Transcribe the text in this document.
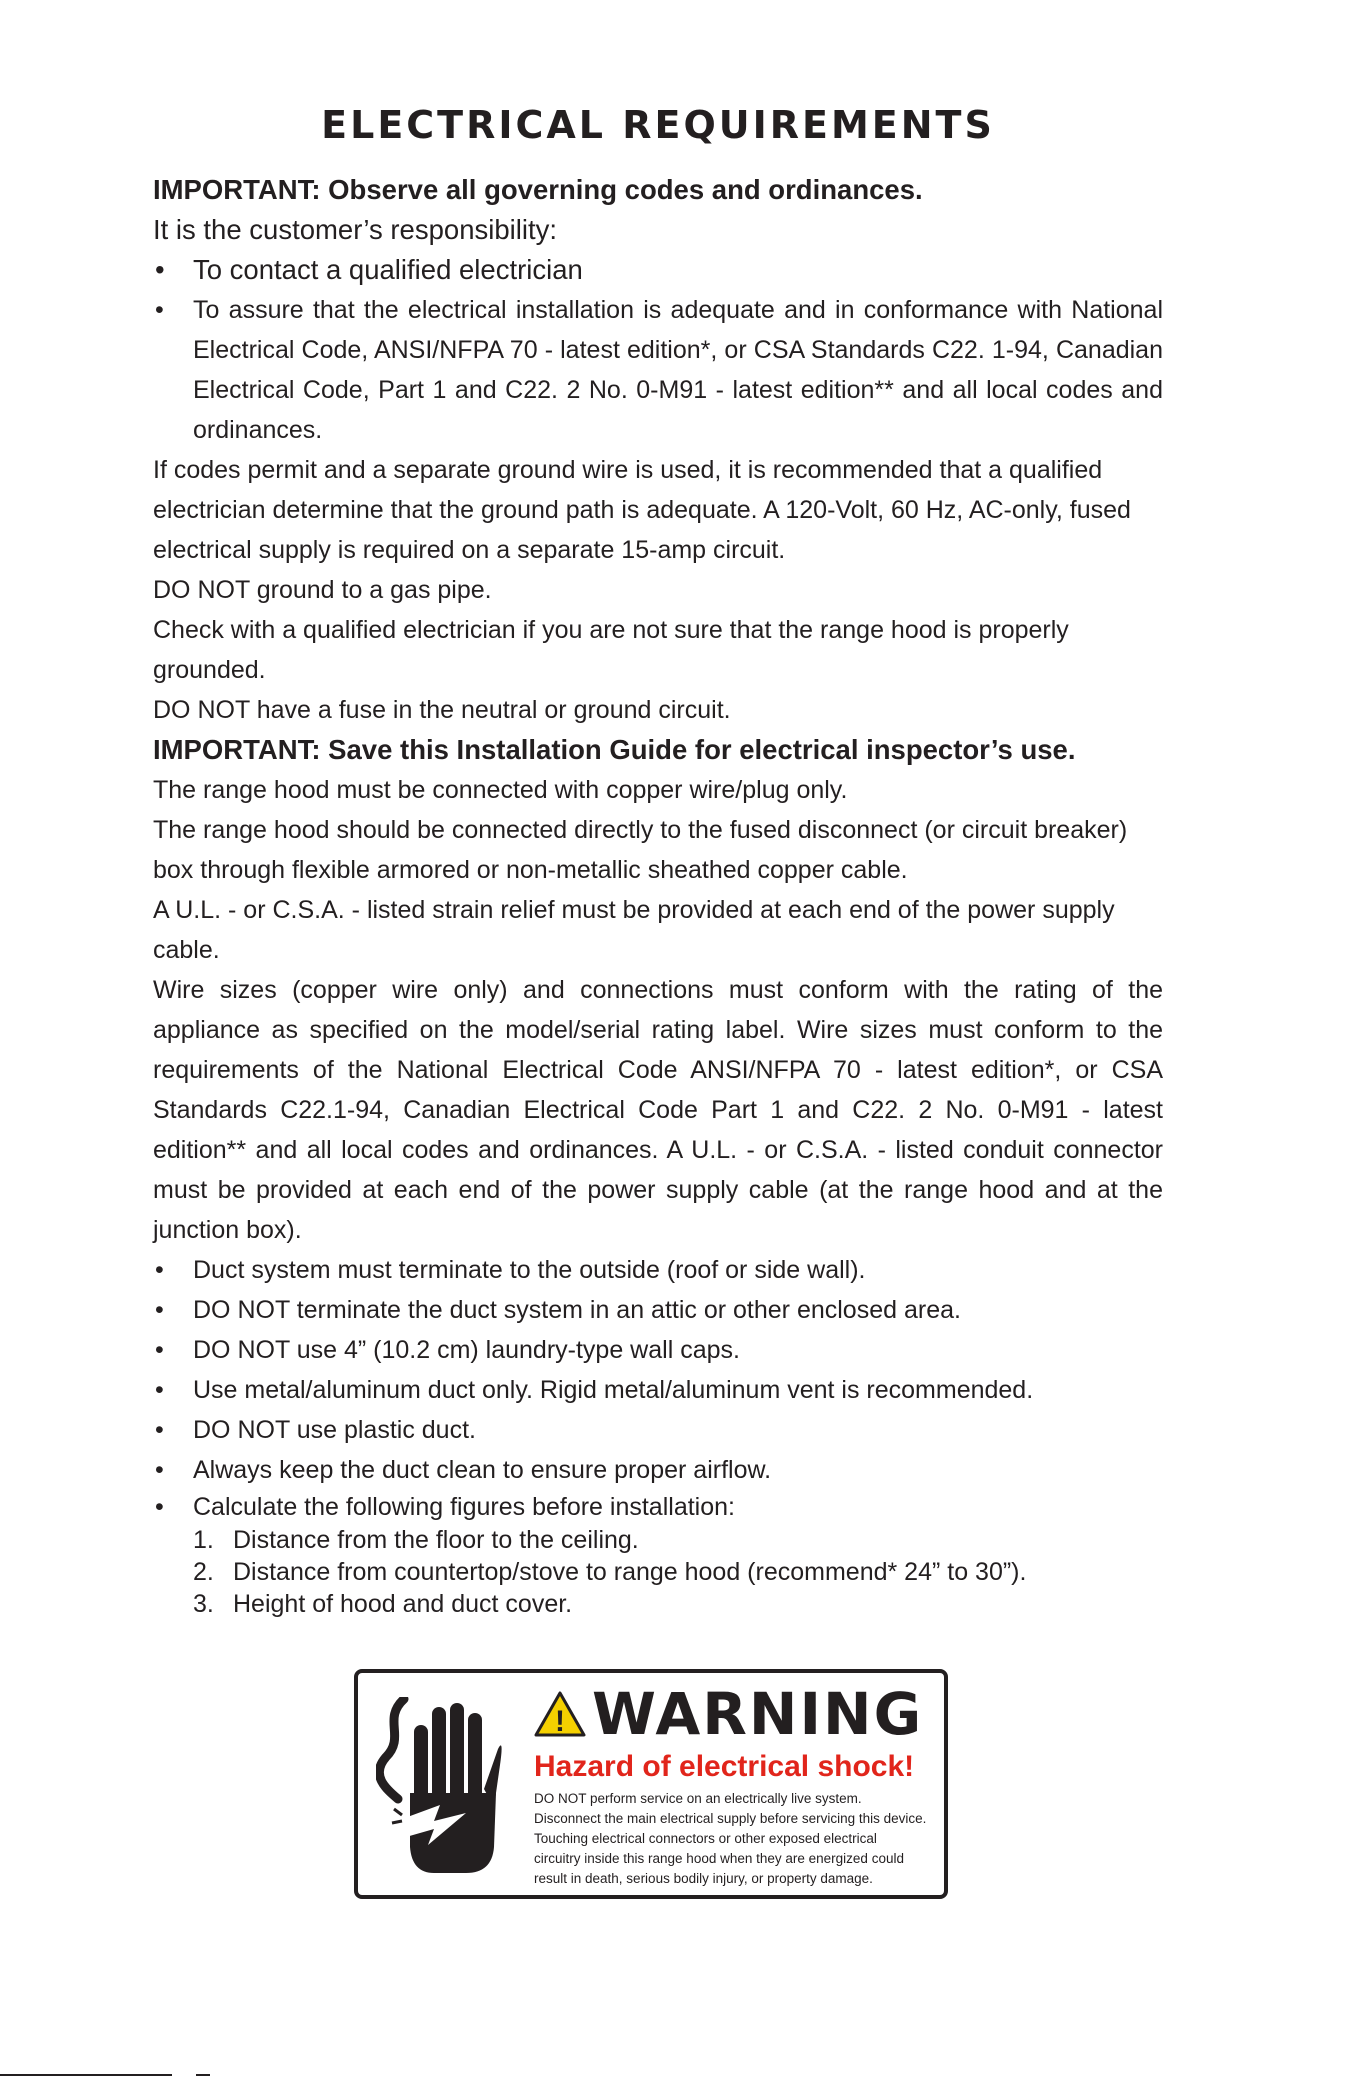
ELECTRICAL REQUIREMENTS

IMPORTANT: Observe all governing codes and ordinances.

It is the customer’s responsibility:

• To contact a qualified electrician
• To assure that the electrical installation is adequate and in conformance with National Electrical Code, ANSI/NFPA 70 - latest edition*, or CSA Standards C22. 1-94, Canadian Electrical Code, Part 1 and C22. 2 No. 0-M91 - latest edition** and all local codes and ordinances.

If codes permit and a separate ground wire is used, it is recommended that a qualified electrician determine that the ground path is adequate. A 120-Volt, 60 Hz, AC-only, fused electrical supply is required on a separate 15-amp circuit.

DO NOT ground to a gas pipe.

Check with a qualified electrician if you are not sure that the range hood is properly grounded.

DO NOT have a fuse in the neutral or ground circuit.

IMPORTANT: Save this Installation Guide for electrical inspector’s use.

The range hood must be connected with copper wire/plug only.

The range hood should be connected directly to the fused disconnect (or circuit breaker) box through flexible armored or non-metallic sheathed copper cable.

A U.L. - or C.S.A. - listed strain relief must be provided at each end of the power supply cable.

Wire sizes (copper wire only) and connections must conform with the rating of the appliance as specified on the model/serial rating label. Wire sizes must conform to the requirements of the National Electrical Code ANSI/NFPA 70 - latest edition*, or CSA Standards C22.1-94, Canadian Electrical Code Part 1 and C22. 2 No. 0-M91 - latest edition** and all local codes and ordinances. A U.L. - or C.S.A. - listed conduit connector must be provided at each end of the power supply cable (at the range hood and at the junction box).

• Duct system must terminate to the outside (roof or side wall).
• DO NOT terminate the duct system in an attic or other enclosed area.
• DO NOT use 4” (10.2 cm) laundry-type wall caps.
• Use metal/aluminum duct only. Rigid metal/aluminum vent is recommended.
• DO NOT use plastic duct.
• Always keep the duct clean to ensure proper airflow.
• Calculate the following figures before installation:
1. Distance from the floor to the ceiling.
2. Distance from countertop/stove to range hood (recommend* 24” to 30”).
3. Height of hood and duct cover.
! WARNING
Hazard of electrical shock!
DO NOT perform service on an electrically live system.
Disconnect the main electrical supply before servicing this device.
Touching electrical connectors or other exposed electrical
circuitry inside this range hood when they are energized could
result in death, serious bodily injury, or property damage.
